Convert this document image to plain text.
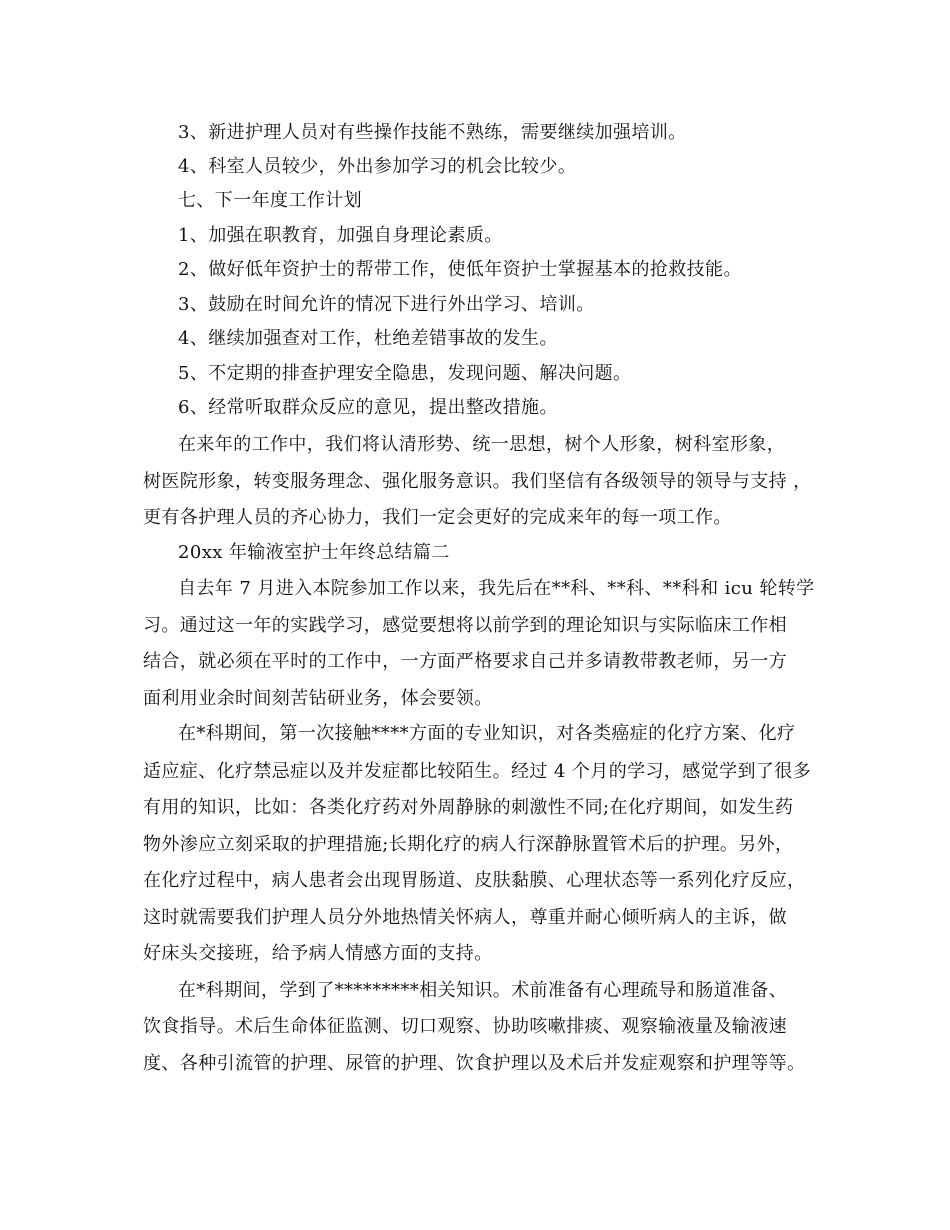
3、新进护理人员对有些操作技能不熟练，需要继续加强培训。
4、科室人员较少，外出参加学习的机会比较少。
七、下一年度工作计划
1、加强在职教育，加强自身理论素质。
2、做好低年资护士的帮带工作，使低年资护士掌握基本的抢救技能。
3、鼓励在时间允许的情况下进行外出学习、培训。
4、继续加强查对工作，杜绝差错事故的发生。
5、不定期的排查护理安全隐患，发现问题、解决问题。
6、经常听取群众反应的意见，提出整改措施。
在来年的工作中，我们将认清形势、统一思想，树个人形象，树科室形象，
树医院形象，转变服务理念、强化服务意识。我们坚信有各级领导的领导与支持 ，
更有各护理人员的齐心协力，我们一定会更好的完成来年的每一项工作。
20xx 年输液室护士年终总结篇二
自去年 7 月进入本院参加工作以来，我先后在**科、**科、**科和 icu 轮转学
习。通过这一年的实践学习，感觉要想将以前学到的理论知识与实际临床工作相
结合，就必须在平时的工作中，一方面严格要求自己并多请教带教老师，另一方
面利用业余时间刻苦钻研业务，体会要领。
在*科期间，第一次接触****方面的专业知识，对各类癌症的化疗方案、化疗
适应症、化疗禁忌症以及并发症都比较陌生。经过 4 个月的学习，感觉学到了很多
有用的知识，比如：各类化疗药对外周静脉的刺激性不同;在化疗期间，如发生药
物外渗应立刻采取的护理措施;长期化疗的病人行深静脉置管术后的护理。另外，
在化疗过程中，病人患者会出现胃肠道、皮肤黏膜、心理状态等一系列化疗反应，
这时就需要我们护理人员分外地热情关怀病人，尊重并耐心倾听病人的主诉，做
好床头交接班，给予病人情感方面的支持。
在*科期间，学到了*********相关知识。术前准备有心理疏导和肠道准备、
饮食指导。术后生命体征监测、切口观察、协助咳嗽排痰、观察输液量及输液速
度、各种引流管的护理、尿管的护理、饮食护理以及术后并发症观察和护理等等。
